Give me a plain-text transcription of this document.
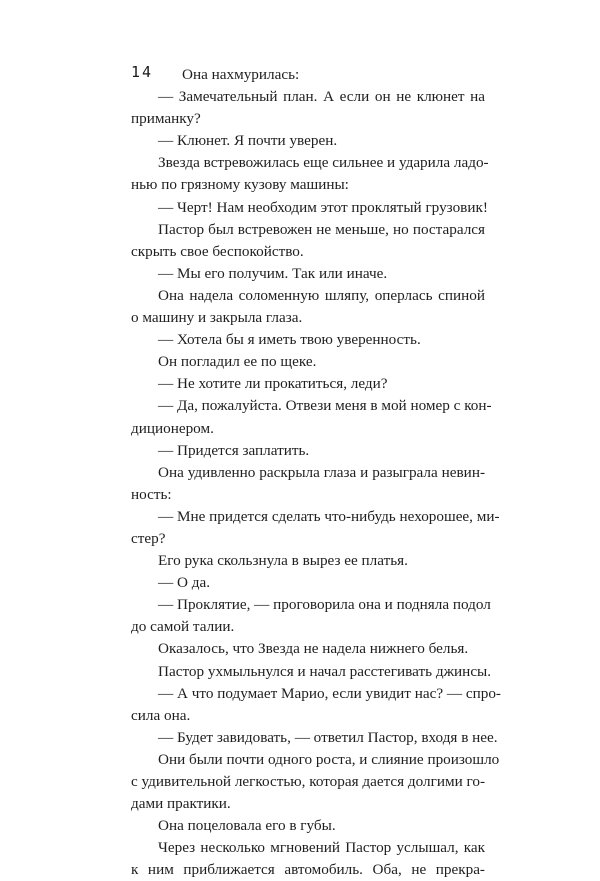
14	Она нахмурилась:
— Замечательный план. А если он не клюнет на
приманку?
— Клюнет. Я почти уверен.
Звезда встревожилась еще сильнее и ударила ладо-
нью по грязному кузову машины:
— Черт! Нам необходим этот проклятый грузовик!
Пастор был встревожен не меньше, но постарался
скрыть свое беспокойство.
— Мы его получим. Так или иначе.
Она надела соломенную шляпу, оперлась спиной
о машину и закрыла глаза.
— Хотела бы я иметь твою уверенность.
Он погладил ее по щеке.
— Не хотите ли прокатиться, леди?
— Да, пожалуйста. Отвези меня в мой номер с кон-
диционером.
— Придется заплатить.
Она удивленно раскрыла глаза и разыграла невин-
ность:
— Мне придется сделать что-нибудь нехорошее, ми-
стер?
Его рука скользнула в вырез ее платья.
— О да.
— Проклятие, — проговорила она и подняла подол
до самой талии.
Оказалось, что Звезда не надела нижнего белья.
Пастор ухмыльнулся и начал расстегивать джинсы.
— А что подумает Марио, если увидит нас? — спро-
сила она.
— Будет завидовать, — ответил Пастор, входя в нее.
Они были почти одного роста, и слияние произошло
с удивительной легкостью, которая дается долгими го-
дами практики.
Она поцеловала его в губы.
Через несколько мгновений Пастор услышал, как
к ним приближается автомобиль. Оба, не прекра-
